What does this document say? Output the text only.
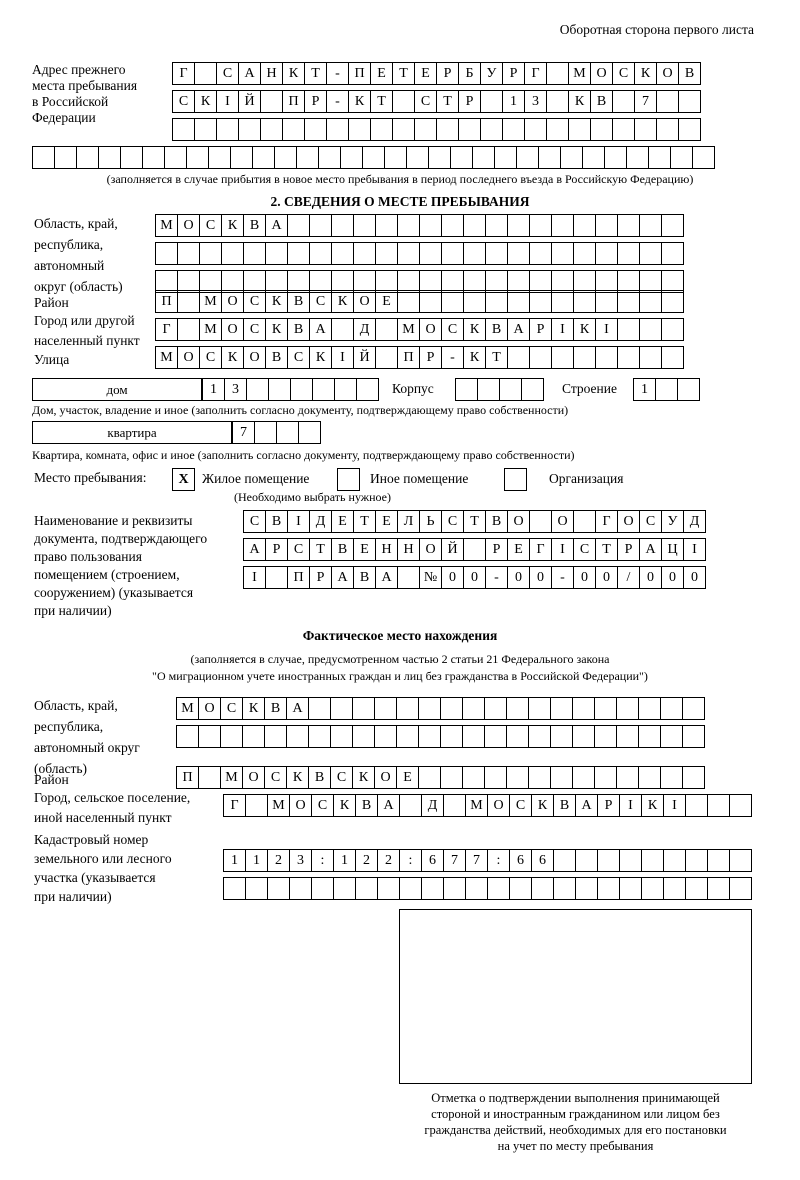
Оборотная сторона первого листа
Адрес прежнего
места пребывания
в Российской
Федерации
Г	С А Н К Т	-	П Е Т Е Р	Б У Р	Г	М О С К О В
С К	І	Й	П Р	-	К Т	С Т Р	1	3	К В	7
(заполняется в случае прибытия в новое место пребывания в период последнего въезда в Российскую Федерацию)
2. СВЕДЕНИЯ О МЕСТЕ ПРЕБЫВАНИЯ
Область, край,
республика,
автономный
округ (область)
М О С К В А
Район	П	М О С К В С К О Е
Город или другой
населенный пункт
Г	М О С К В А	Д	М О С К В А Р	І	К	І
Улица	М О С К О В С К	І	Й	П Р	-	К Т
дом	1	3	Корпус	Строение	1
Дом, участок, владение и иное (заполнить согласно документу, подтверждающему право собственности)
квартира	7
Квартира, комната, офис и иное (заполнить согласно документу, подтверждающему право собственности)
Место пребывания:	X Жилое помещение	Иное помещение	Организация
(Необходимо выбрать нужное)
Наименование и реквизиты
документа, подтверждающего
право пользования
помещением (строением,
сооружением) (указывается
при наличии)
С В	І	Д Е Т Е Л Ь С Т В О	О	Г О С У Д
А Р С Т В Е Н Н О Й	Р Е Г	І	С Т Р А Ц	І
І	П Р А В А	№ 0	0	-	0	0	-	0	0	/	0	0	0
Фактическое место нахождения
(заполняется в случае, предусмотренном частью 2 статьи 21 Федерального закона
"О миграционном учете иностранных граждан и лиц без гражданства в Российской Федерации")
Область, край,
республика,
автономный округ
(область)
М О С К В А
Район	П	М О С К В С К О Е
Город, сельское поселение,
иной населенный пункт
Г	М О С К В А	Д	М О С К В А Р	І	К	І
Кадастровый номер
земельного или лесного
участка (указывается
при наличии)
1	1	2	3	:	1	2	2	:	6	7	7	:	6	6
Отметка о подтверждении выполнения принимающей
стороной и иностранным гражданином или лицом без
гражданства действий, необходимых для его постановки
на учет по месту пребывания
